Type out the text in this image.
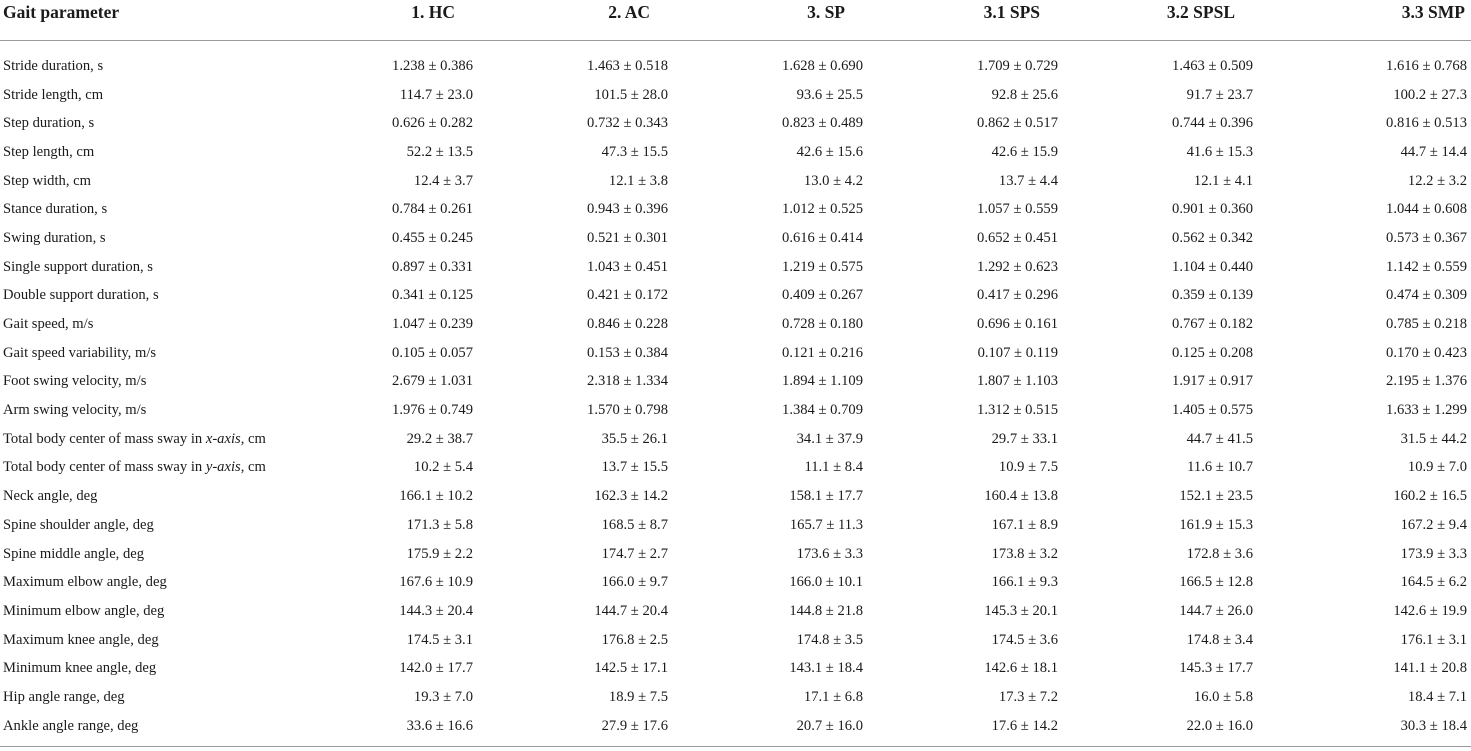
Gait parameter	1. HC	2. AC	3. SP	3.1 SPS	3.2 SPSL	3.3 SMP

Stride duration, s	1.238 ± 0.386	1.463 ± 0.518	1.628 ± 0.690	1.709 ± 0.729	1.463 ± 0.509	1.616 ± 0.768
Stride length, cm	114.7 ± 23.0	101.5 ± 28.0	93.6 ± 25.5	92.8 ± 25.6	91.7 ± 23.7	100.2 ± 27.3
Step duration, s	0.626 ± 0.282	0.732 ± 0.343	0.823 ± 0.489	0.862 ± 0.517	0.744 ± 0.396	0.816 ± 0.513
Step length, cm	52.2 ± 13.5	47.3 ± 15.5	42.6 ± 15.6	42.6 ± 15.9	41.6 ± 15.3	44.7 ± 14.4
Step width, cm	12.4 ± 3.7	12.1 ± 3.8	13.0 ± 4.2	13.7 ± 4.4	12.1 ± 4.1	12.2 ± 3.2
Stance duration, s	0.784 ± 0.261	0.943 ± 0.396	1.012 ± 0.525	1.057 ± 0.559	0.901 ± 0.360	1.044 ± 0.608
Swing duration, s	0.455 ± 0.245	0.521 ± 0.301	0.616 ± 0.414	0.652 ± 0.451	0.562 ± 0.342	0.573 ± 0.367
Single support duration, s	0.897 ± 0.331	1.043 ± 0.451	1.219 ± 0.575	1.292 ± 0.623	1.104 ± 0.440	1.142 ± 0.559
Double support duration, s	0.341 ± 0.125	0.421 ± 0.172	0.409 ± 0.267	0.417 ± 0.296	0.359 ± 0.139	0.474 ± 0.309
Gait speed, m/s	1.047 ± 0.239	0.846 ± 0.228	0.728 ± 0.180	0.696 ± 0.161	0.767 ± 0.182	0.785 ± 0.218
Gait speed variability, m/s	0.105 ± 0.057	0.153 ± 0.384	0.121 ± 0.216	0.107 ± 0.119	0.125 ± 0.208	0.170 ± 0.423
Foot swing velocity, m/s	2.679 ± 1.031	2.318 ± 1.334	1.894 ± 1.109	1.807 ± 1.103	1.917 ± 0.917	2.195 ± 1.376
Arm swing velocity, m/s	1.976 ± 0.749	1.570 ± 0.798	1.384 ± 0.709	1.312 ± 0.515	1.405 ± 0.575	1.633 ± 1.299
Total body center of mass sway in x-axis, cm	29.2 ± 38.7	35.5 ± 26.1	34.1 ± 37.9	29.7 ± 33.1	44.7 ± 41.5	31.5 ± 44.2
Total body center of mass sway in y-axis, cm	10.2 ± 5.4	13.7 ± 15.5	11.1 ± 8.4	10.9 ± 7.5	11.6 ± 10.7	10.9 ± 7.0
Neck angle, deg	166.1 ± 10.2	162.3 ± 14.2	158.1 ± 17.7	160.4 ± 13.8	152.1 ± 23.5	160.2 ± 16.5
Spine shoulder angle, deg	171.3 ± 5.8	168.5 ± 8.7	165.7 ± 11.3	167.1 ± 8.9	161.9 ± 15.3	167.2 ± 9.4
Spine middle angle, deg	175.9 ± 2.2	174.7 ± 2.7	173.6 ± 3.3	173.8 ± 3.2	172.8 ± 3.6	173.9 ± 3.3
Maximum elbow angle, deg	167.6 ± 10.9	166.0 ± 9.7	166.0 ± 10.1	166.1 ± 9.3	166.5 ± 12.8	164.5 ± 6.2
Minimum elbow angle, deg	144.3 ± 20.4	144.7 ± 20.4	144.8 ± 21.8	145.3 ± 20.1	144.7 ± 26.0	142.6 ± 19.9
Maximum knee angle, deg	174.5 ± 3.1	176.8 ± 2.5	174.8 ± 3.5	174.5 ± 3.6	174.8 ± 3.4	176.1 ± 3.1
Minimum knee angle, deg	142.0 ± 17.7	142.5 ± 17.1	143.1 ± 18.4	142.6 ± 18.1	145.3 ± 17.7	141.1 ± 20.8
Hip angle range, deg	19.3 ± 7.0	18.9 ± 7.5	17.1 ± 6.8	17.3 ± 7.2	16.0 ± 5.8	18.4 ± 7.1
Ankle angle range, deg	33.6 ± 16.6	27.9 ± 17.6	20.7 ± 16.0	17.6 ± 14.2	22.0 ± 16.0	30.3 ± 18.4
